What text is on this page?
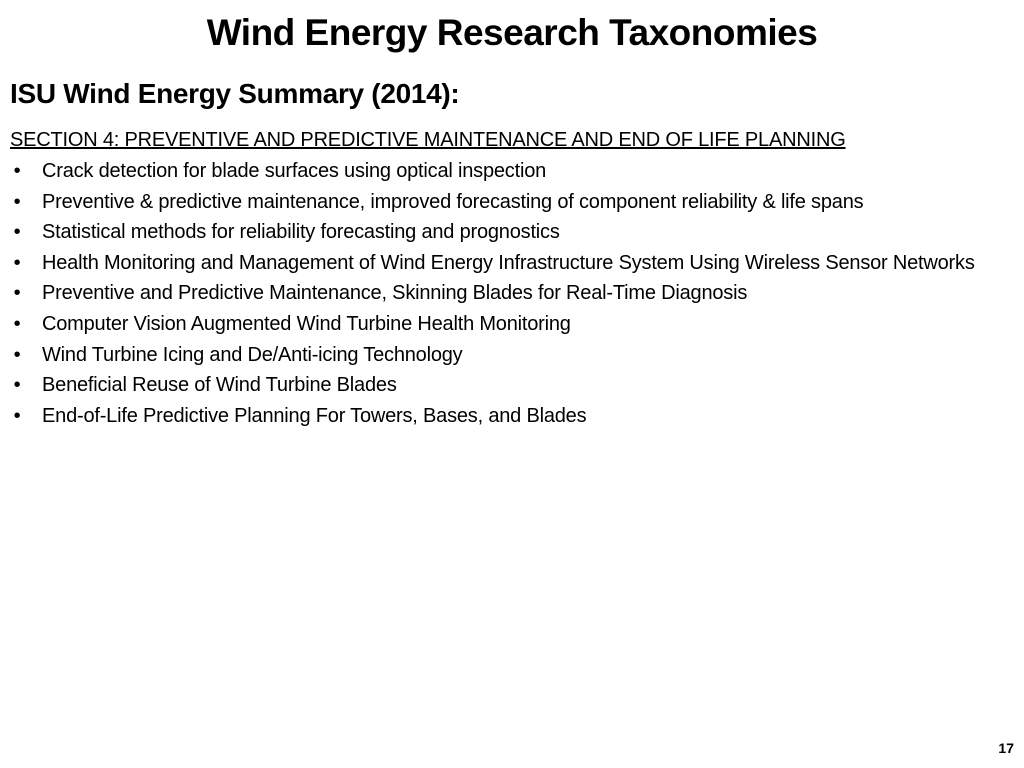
Wind Energy Research Taxonomies
ISU Wind Energy Summary (2014):
SECTION 4: PREVENTIVE AND PREDICTIVE MAINTENANCE AND END OF LIFE PLANNING
• Crack detection for blade surfaces using optical inspection
• Preventive & predictive maintenance, improved forecasting of component reliability & life spans
• Statistical methods for reliability forecasting and prognostics
• Health Monitoring and Management of Wind Energy Infrastructure System Using Wireless Sensor Networks
• Preventive and Predictive Maintenance, Skinning Blades for Real-Time Diagnosis
• Computer Vision Augmented Wind Turbine Health Monitoring
• Wind Turbine Icing and De/Anti-icing Technology
• Beneficial Reuse of Wind Turbine Blades
• End-of-Life Predictive Planning For Towers, Bases, and Blades
17
